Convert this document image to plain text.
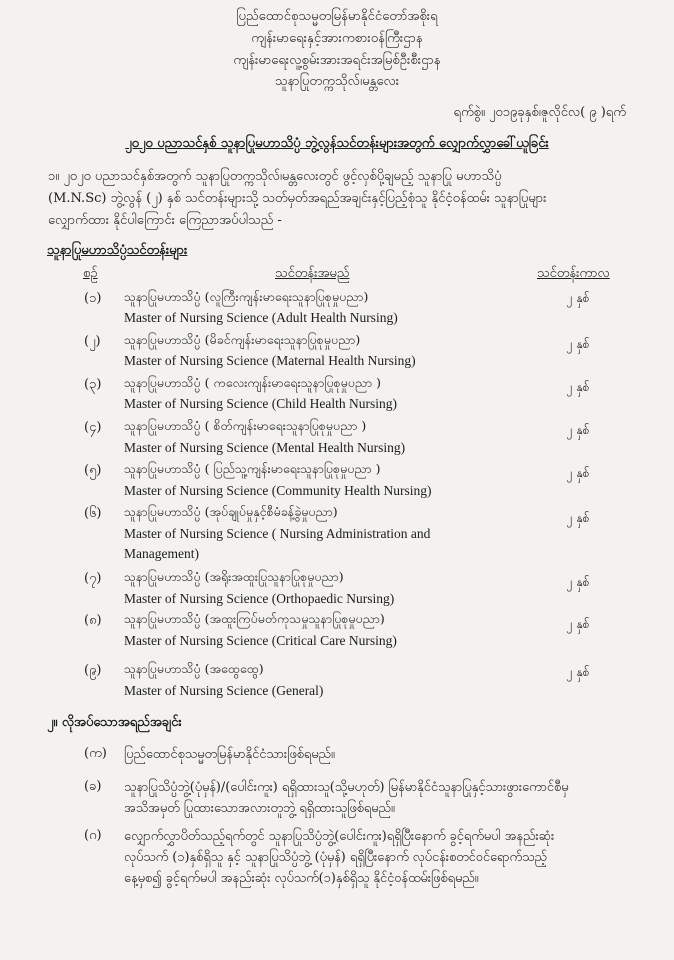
ပြည်ထောင်စုသမ္မတမြန်မာနိုင်ငံတော်အစိုးရ
ကျန်းမာရေးနှင့်အားကစားဝန်ကြီးဌာန
ကျန်းမာရေးလူ့စွမ်းအားအရင်းအမြစ်ဦးစီးဌာန
သူနာပြုတက္ကသိုလ်၊မန္တလေး
ရက်စွဲ။ ၂၀၁၉ခုနှစ်၊ဇူလိုင်လ( ၉ )ရက်
၂၀၂၀ ပညာသင်နှစ် သူနာပြုမဟာသိပ္ပံ ဘွဲ့လွန်သင်တန်းများအတွက် လျှောက်လွှာခေါ်ယူခြင်း
၁။ ၂၀၂၀ ပညာသင်နှစ်အတွက် သူနာပြုတက္ကသိုလ်၊မန္တလေးတွင် ဖွင့်လှစ်ပို့ချမည့် သူနာပြု မဟာသိပ္ပံ
(M.N.Sc) ဘွဲ့လွန် (၂) နှစ် သင်တန်းများသို့ သတ်မှတ်အရည်အချင်းနှင့်ပြည့်စုံသူ နိုင်ငံ့ဝန်ထမ်း သူနာပြုများ
လျှောက်ထား နိုင်ပါကြောင်း ကြေညာအပ်ပါသည် -
သူနာပြုမဟာသိပ္ပံသင်တန်းများ
စဉ်	သင်တန်းအမည်	သင်တန်းကာလ
(၁) သူနာပြုမဟာသိပ္ပံ (လူကြီးကျန်းမာရေးသူနာပြုစုမှုပညာ)
Master of Nursing Science (Adult Health Nursing)
၂ နှစ်
(၂) သူနာပြုမဟာသိပ္ပံ (မိခင်ကျန်းမာရေးသူနာပြုစုမှုပညာ)
Master of Nursing Science (Maternal Health Nursing)
၂ နှစ်
(၃) သူနာပြုမဟာသိပ္ပံ ( ကလေးကျန်းမာရေးသူနာပြုစုမှုပညာ )
Master of Nursing Science (Child Health Nursing)
၂ နှစ်
(၄) သူနာပြုမဟာသိပ္ပံ ( စိတ်ကျန်းမာရေးသူနာပြုစုမှုပညာ )
Master of Nursing Science (Mental Health Nursing)
၂ နှစ်
(၅) သူနာပြုမဟာသိပ္ပံ ( ပြည်သူ့ကျန်းမာရေးသူနာပြုစုမှုပညာ )
Master of Nursing Science (Community Health Nursing)
၂ နှစ်
(၆) သူနာပြုမဟာသိပ္ပံ (အုပ်ချုပ်မှုနှင့်စီမံခန့်ခွဲမှုပညာ)
Master of Nursing Science ( Nursing Administration and
Management)
၂ နှစ်
(၇) သူနာပြုမဟာသိပ္ပံ (အရိုးအထူးပြုသူနာပြုစုမှုပညာ)
Master of Nursing Science (Orthopaedic Nursing)
၂ နှစ်
(၈) သူနာပြုမဟာသိပ္ပံ (အထူးကြပ်မတ်ကုသမှုသူနာပြုစုမှုပညာ)
Master of Nursing Science (Critical Care Nursing)
၂ နှစ်
(၉) သူနာပြုမဟာသိပ္ပံ (အထွေထွေ)
Master of Nursing Science (General)
၂ နှစ်
၂။ လိုအပ်သောအရည်အချင်း
(က) ပြည်ထောင်စုသမ္မတမြန်မာနိုင်ငံသားဖြစ်ရမည်။
(ခ) သူနာပြုသိပ္ပံဘွဲ့(ပုံမှန်)/(ပေါင်းကူး) ရရှိထားသူ(သို့မဟုတ်) မြန်မာနိုင်ငံသူနာပြုနှင့်သားဖွားကောင်စီမှ
အသိအမှတ် ပြုထားသောအလားတူဘွဲ့ ရရှိထားသူဖြစ်ရမည်။
(ဂ) လျှောက်လွှာပိတ်သည့်ရက်တွင် သူနာပြုသိပ္ပံဘွဲ့(ပေါင်းကူး)ရရှိပြီးနောက် ခွင့်ရက်မပါ အနည်းဆုံး
လုပ်သက် (၁)နှစ်ရှိသူ နှင့် သူနာပြုသိပ္ပံဘွဲ့ (ပုံမှန်) ရရှိပြီးနောက် လုပ်ငန်းစတင်ဝင်ရောက်သည့်
နေ့မှစ၍ ခွင့်ရက်မပါ အနည်းဆုံး လုပ်သက်(၁)နှစ်ရှိသူ နိုင်ငံ့ဝန်ထမ်းဖြစ်ရမည်။
